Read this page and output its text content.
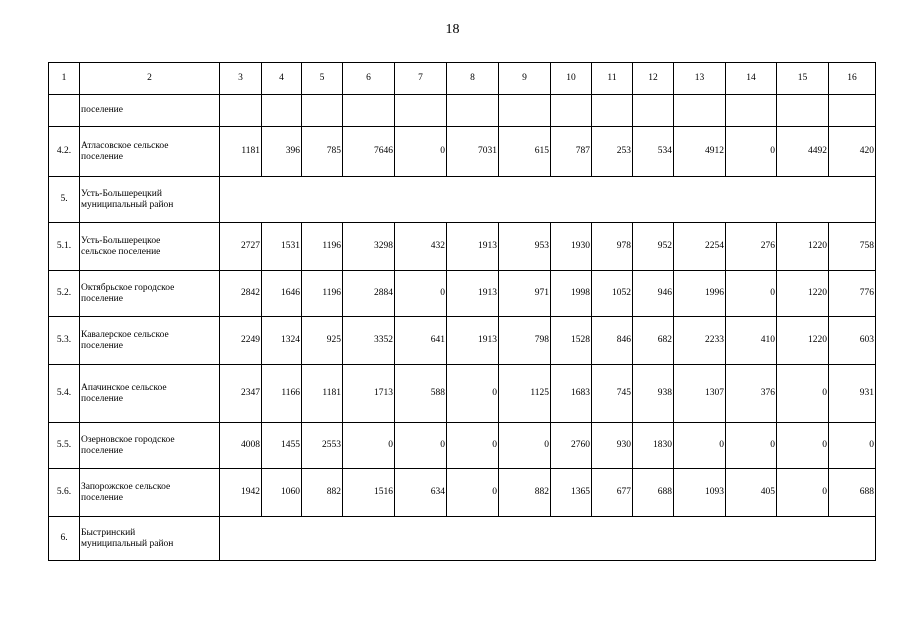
18
1	2	3	4	5	6	7	8	9	10	11	12	13	14	15	16

	поселение														

4.2.	Атласовское сельское
поселение	1181	396	785	7646	0	7031	615	787	253	534	4912	0	4492	420
5.	Усть-Большерецкий
муниципальный район														

5.1.	Усть-Большерецкое
сельское поселение	2727	1531	1196	3298	432	1913	953	1930	978	952	2254	276	1220	758
5.2.	Октябрьское городское
поселение	2842	1646	1196	2884	0	1913	971	1998	1052	946	1996	0	1220	776
5.3.	Кавалерское сельское
поселение	2249	1324	925	3352	641	1913	798	1528	846	682	2233	410	1220	603
5.4.	Апачинское сельское
поселение	2347	1166	1181	1713	588	0	1125	1683	745	938	1307	376	0	931
5.5.	Озерновское городское
поселение	4008	1455	2553	0	0	0	0	2760	930	1830	0	0	0	0
5.6.	Запорожское сельское
поселение	1942	1060	882	1516	634	0	882	1365	677	688	1093	405	0	688
6.	Быстринский
муниципальный район														
